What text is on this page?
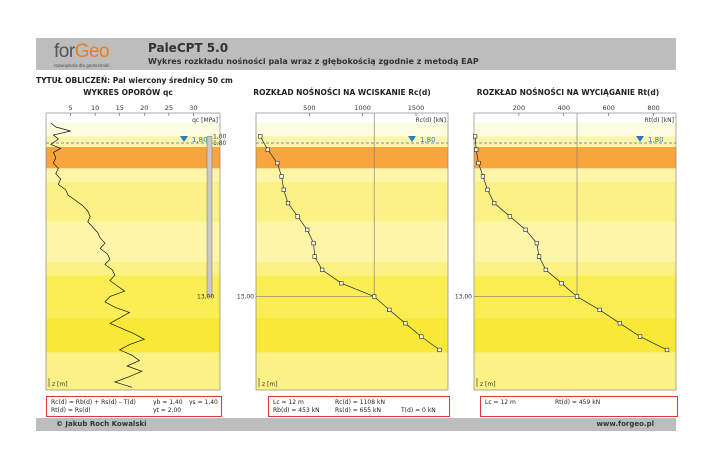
forGeo
rozwiązania dla geotechniki
PaleCPT 5.0
Wykres rozkładu nośności pala wraz z głębokością zgodnie z metodą EAP
TYTUŁ OBLICZEŃ: Pal wiercony średnicy 50 cm
WYKRES OPORÓW qc	ROZKŁAD NOŚNOŚCI NA WCISKANIE Rc(d)	ROZKŁAD NOŚNOŚCI NA WYCIĄGANIE Rt(d)
5	10	15	20	25	30
qc [MPa]
1,80
z [m]
1,00
1,80
13,00
500	1000	1500
Rc(d) [kN]
1,80
z [m]
13,00
200	400	600	800
Rt(d) [kN]
1,80
z [m]
13,00
Rc(d) = Rb(d) + Rs(d) – T(d)	γb = 1,40 γs = 1,40
Rt(d) = Rs(d)	γt = 2,00
Lc = 12 m	Rc(d) = 1108 kN
Rb(d) = 453 kN	Rs(d) = 655 kN	T(d) = 0 kN
Lc = 12 m	Rt(d) = 459 kN
© Jakub Roch Kowalski	www.forgeo.pl
